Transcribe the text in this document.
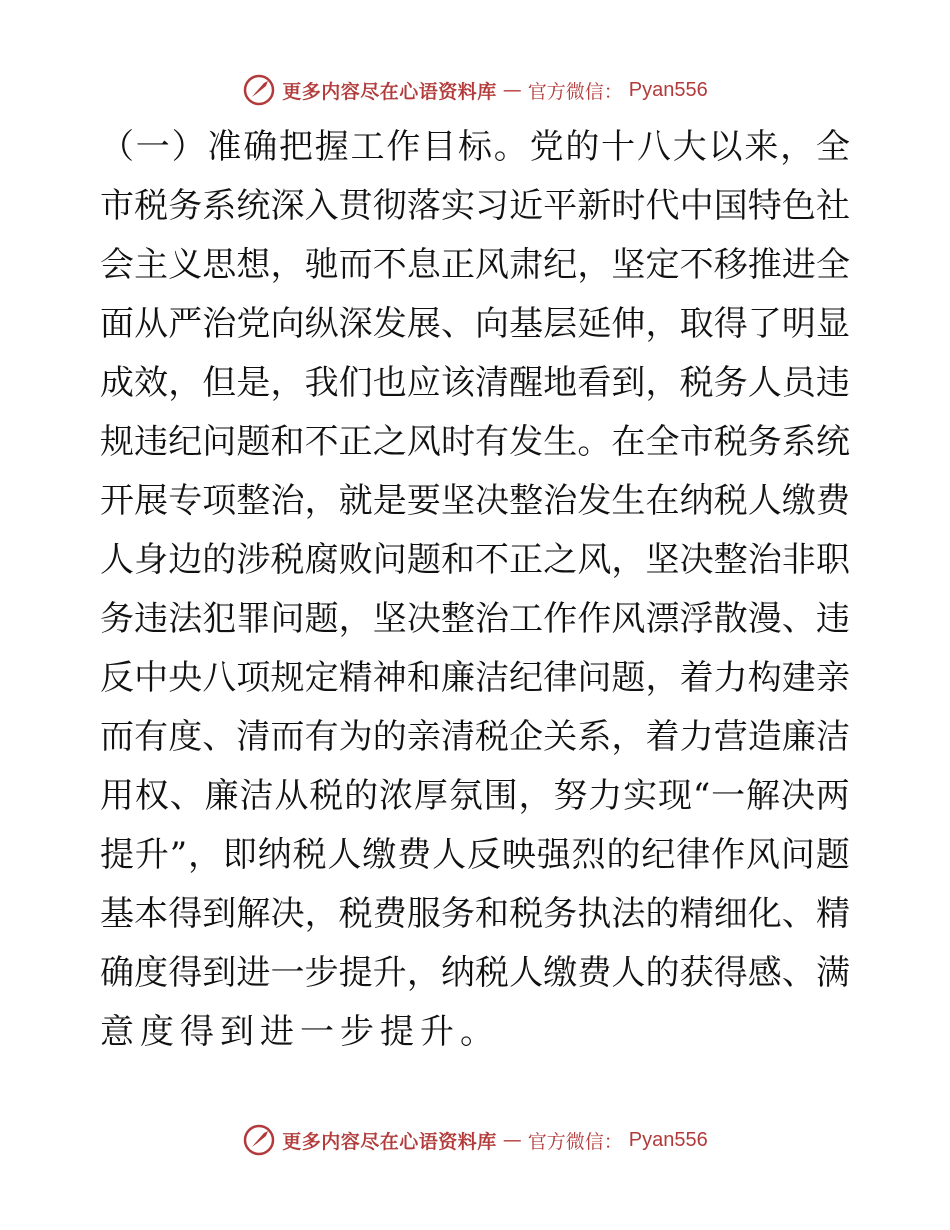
更多内容尽在心语资料库 — 官方微信： Pyan556
（ 一 ） 准 确 把 握 工 作 目 标 。 党 的 十 八 大 以 来 ， 全
市 税 务 系 统 深 入 贯 彻 落 实 习 近 平 新 时 代 中 国 特 色 社
会 主 义 思 想 ， 驰 而 不 息 正 风 肃 纪 ， 坚 定 不 移 推 进 全
面 从 严 治 党 向 纵 深 发 展 、 向 基 层 延 伸 ， 取 得 了 明 显
成 效 ， 但 是 ， 我 们 也 应 该 清 醒 地 看 到 ， 税 务 人 员 违
规 违 纪 问 题 和 不 正 之 风 时 有 发 生 。 在 全 市 税 务 系 统
开 展 专 项 整 治 ， 就 是 要 坚 决 整 治 发 生 在 纳 税 人 缴 费
人 身 边 的 涉 税 腐 败 问 题 和 不 正 之 风 ， 坚 决 整 治 非 职
务 违 法 犯 罪 问 题 ， 坚 决 整 治 工 作 作 风 漂 浮 散 漫 、 违
反 中 央 八 项 规 定 精 神 和 廉 洁 纪 律 问 题 ， 着 力 构 建 亲
而 有 度 、 清 而 有 为 的 亲 清 税 企 关 系 ， 着 力 营 造 廉 洁
用 权 、 廉 洁 从 税 的 浓 厚 氛 围 ， 努 力 实 现 “ 一 解 决 两
提 升 ” ， 即 纳 税 人 缴 费 人 反 映 强 烈 的 纪 律 作 风 问 题
基 本 得 到 解 决 ， 税 费 服 务 和 税 务 执 法 的 精 细 化 、 精
确 度 得 到 进 一 步 提 升 ， 纳 税 人 缴 费 人 的 获 得 感 、 满
意度得到进一步提升。
更多内容尽在心语资料库 — 官方微信： Pyan556
